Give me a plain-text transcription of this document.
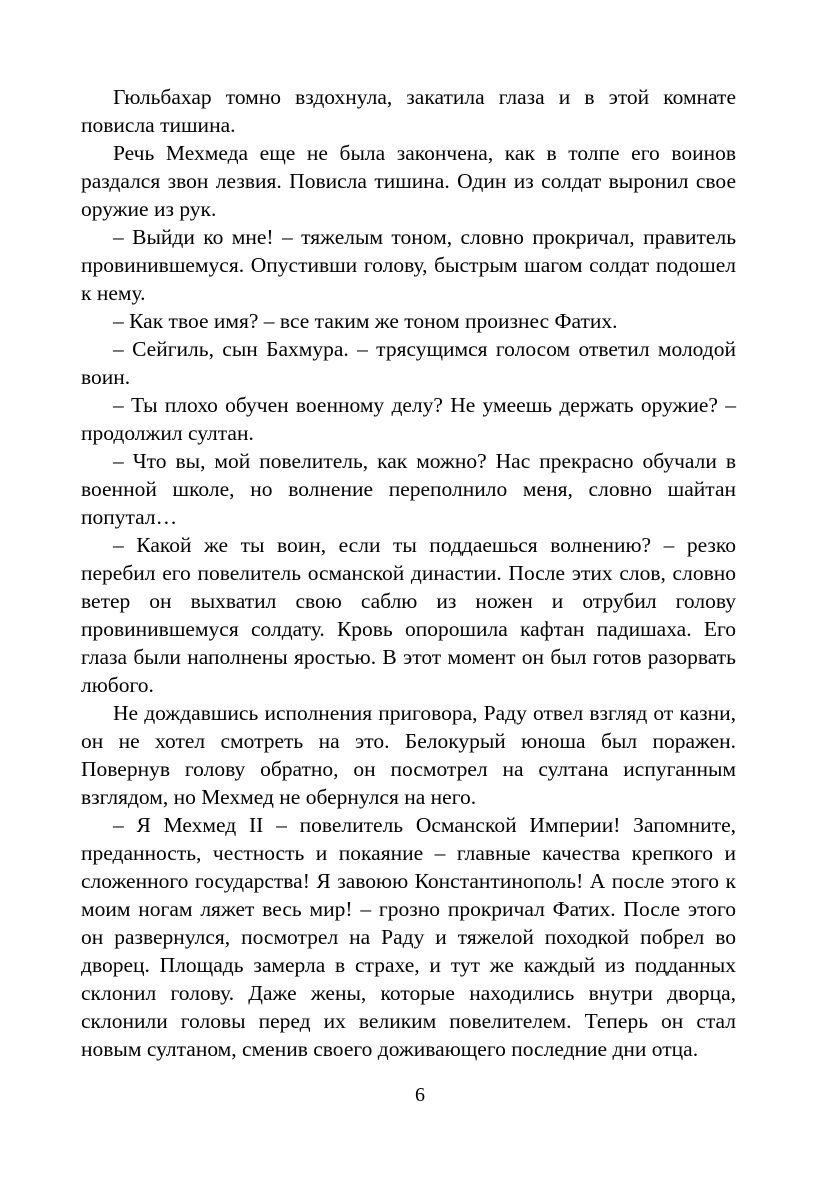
Гюльбахар томно вздохнула, закатила глаза и в этой комнате повисла тишина.

Речь Мехмеда еще не была закончена, как в толпе его воинов раздался звон лезвия. Повисла тишина. Один из солдат выронил свое оружие из рук.

– Выйди ко мне! – тяжелым тоном, словно прокричал, правитель провинившемуся. Опустивши голову, быстрым шагом солдат подошел к нему.

– Как твое имя? – все таким же тоном произнес Фатих.

– Сейгиль, сын Бахмура. – трясущимся голосом ответил молодой воин.

– Ты плохо обучен военному делу? Не умеешь держать оружие? – продолжил султан.

– Что вы, мой повелитель, как можно? Нас прекрасно обучали в военной школе, но волнение переполнило меня, словно шайтан попутал…

– Какой же ты воин, если ты поддаешься волнению? – резко перебил его повелитель османской династии. После этих слов, словно ветер он выхватил свою саблю из ножен и отрубил голову провинившемуся солдату. Кровь опорошила кафтан падишаха. Его глаза были наполнены яростью. В этот момент он был готов разорвать любого.

Не дождавшись исполнения приговора, Раду отвел взгляд от казни, он не хотел смотреть на это. Белокурый юноша был поражен. Повернув голову обратно, он посмотрел на султана испуганным взглядом, но Мехмед не обернулся на него.

– Я Мехмед II – повелитель Османской Империи! Запомните, преданность, честность и покаяние – главные качества крепкого и сложенного государства! Я завоюю Константинополь! А после этого к моим ногам ляжет весь мир! – грозно прокричал Фатих. После этого он развернулся, посмотрел на Раду и тяжелой походкой побрел во дворец. Площадь замерла в страхе, и тут же каждый из подданных склонил голову. Даже жены, которые находились внутри дворца, склонили головы перед их великим повелителем. Теперь он стал новым султаном, сменив своего доживающего последние дни отца.

6
